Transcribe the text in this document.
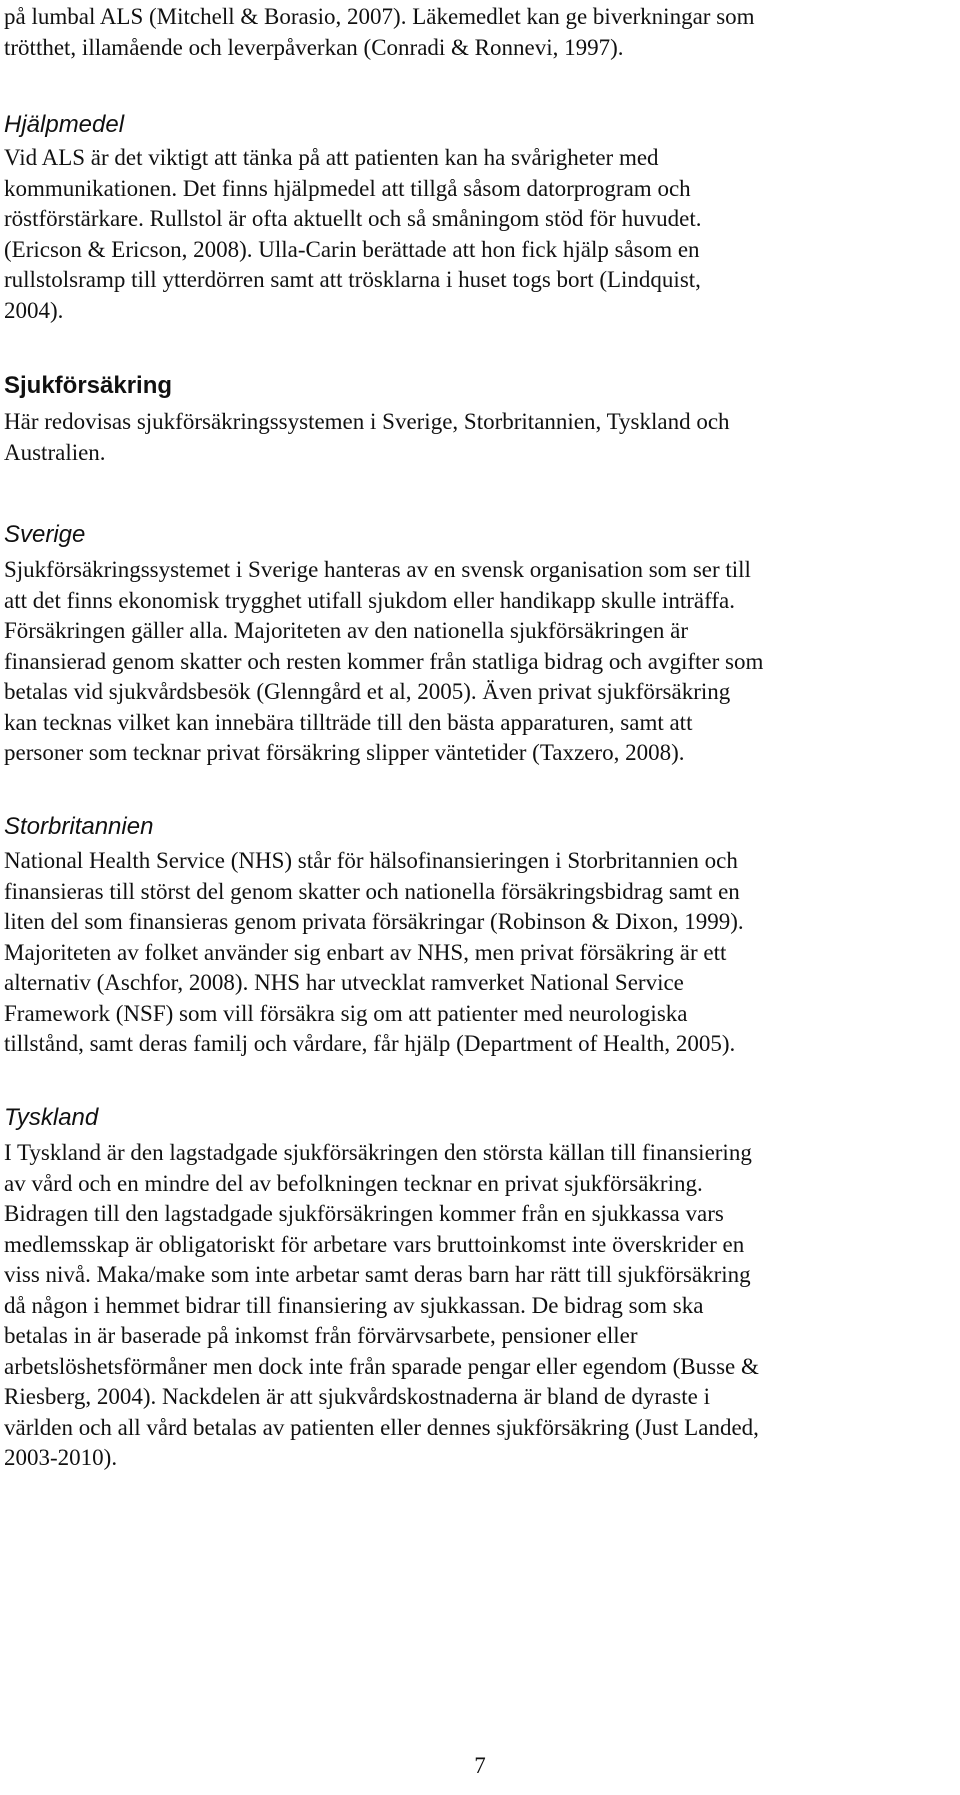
på lumbal ALS (Mitchell & Borasio, 2007). Läkemedlet kan ge biverkningar som
trötthet, illamående och leverpåverkan (Conradi & Ronnevi, 1997).

Hjälpmedel

Vid ALS är det viktigt att tänka på att patienten kan ha svårigheter med
kommunikationen. Det finns hjälpmedel att tillgå såsom datorprogram och
röstförstärkare. Rullstol är ofta aktuellt och så småningom stöd för huvudet.
(Ericson & Ericson, 2008). Ulla-Carin berättade att hon fick hjälp såsom en
rullstolsramp till ytterdörren samt att trösklarna i huset togs bort (Lindquist,
2004).

Sjukförsäkring

Här redovisas sjukförsäkringssystemen i Sverige, Storbritannien, Tyskland och
Australien.

Sverige

Sjukförsäkringssystemet i Sverige hanteras av en svensk organisation som ser till
att det finns ekonomisk trygghet utifall sjukdom eller handikapp skulle inträffa.
Försäkringen gäller alla. Majoriteten av den nationella sjukförsäkringen är
finansierad genom skatter och resten kommer från statliga bidrag och avgifter som
betalas vid sjukvårdsbesök (Glenngård et al, 2005). Även privat sjukförsäkring
kan tecknas vilket kan innebära tillträde till den bästa apparaturen, samt att
personer som tecknar privat försäkring slipper väntetider (Taxzero, 2008).

Storbritannien

National Health Service (NHS) står för hälsofinansieringen i Storbritannien och
finansieras till störst del genom skatter och nationella försäkringsbidrag samt en
liten del som finansieras genom privata försäkringar (Robinson & Dixon, 1999).
Majoriteten av folket använder sig enbart av NHS, men privat försäkring är ett
alternativ (Aschfor, 2008). NHS har utvecklat ramverket National Service
Framework (NSF) som vill försäkra sig om att patienter med neurologiska
tillstånd, samt deras familj och vårdare, får hjälp (Department of Health, 2005).

Tyskland

I Tyskland är den lagstadgade sjukförsäkringen den största källan till finansiering
av vård och en mindre del av befolkningen tecknar en privat sjukförsäkring.
Bidragen till den lagstadgade sjukförsäkringen kommer från en sjukkassa vars
medlemsskap är obligatoriskt för arbetare vars bruttoinkomst inte överskrider en
viss nivå. Maka/make som inte arbetar samt deras barn har rätt till sjukförsäkring
då någon i hemmet bidrar till finansiering av sjukkassan. De bidrag som ska
betalas in är baserade på inkomst från förvärvsarbete, pensioner eller
arbetslöshetsförmåner men dock inte från sparade pengar eller egendom (Busse &
Riesberg, 2004). Nackdelen är att sjukvårdskostnaderna är bland de dyraste i
världen och all vård betalas av patienten eller dennes sjukförsäkring (Just Landed,
2003-2010).

7
